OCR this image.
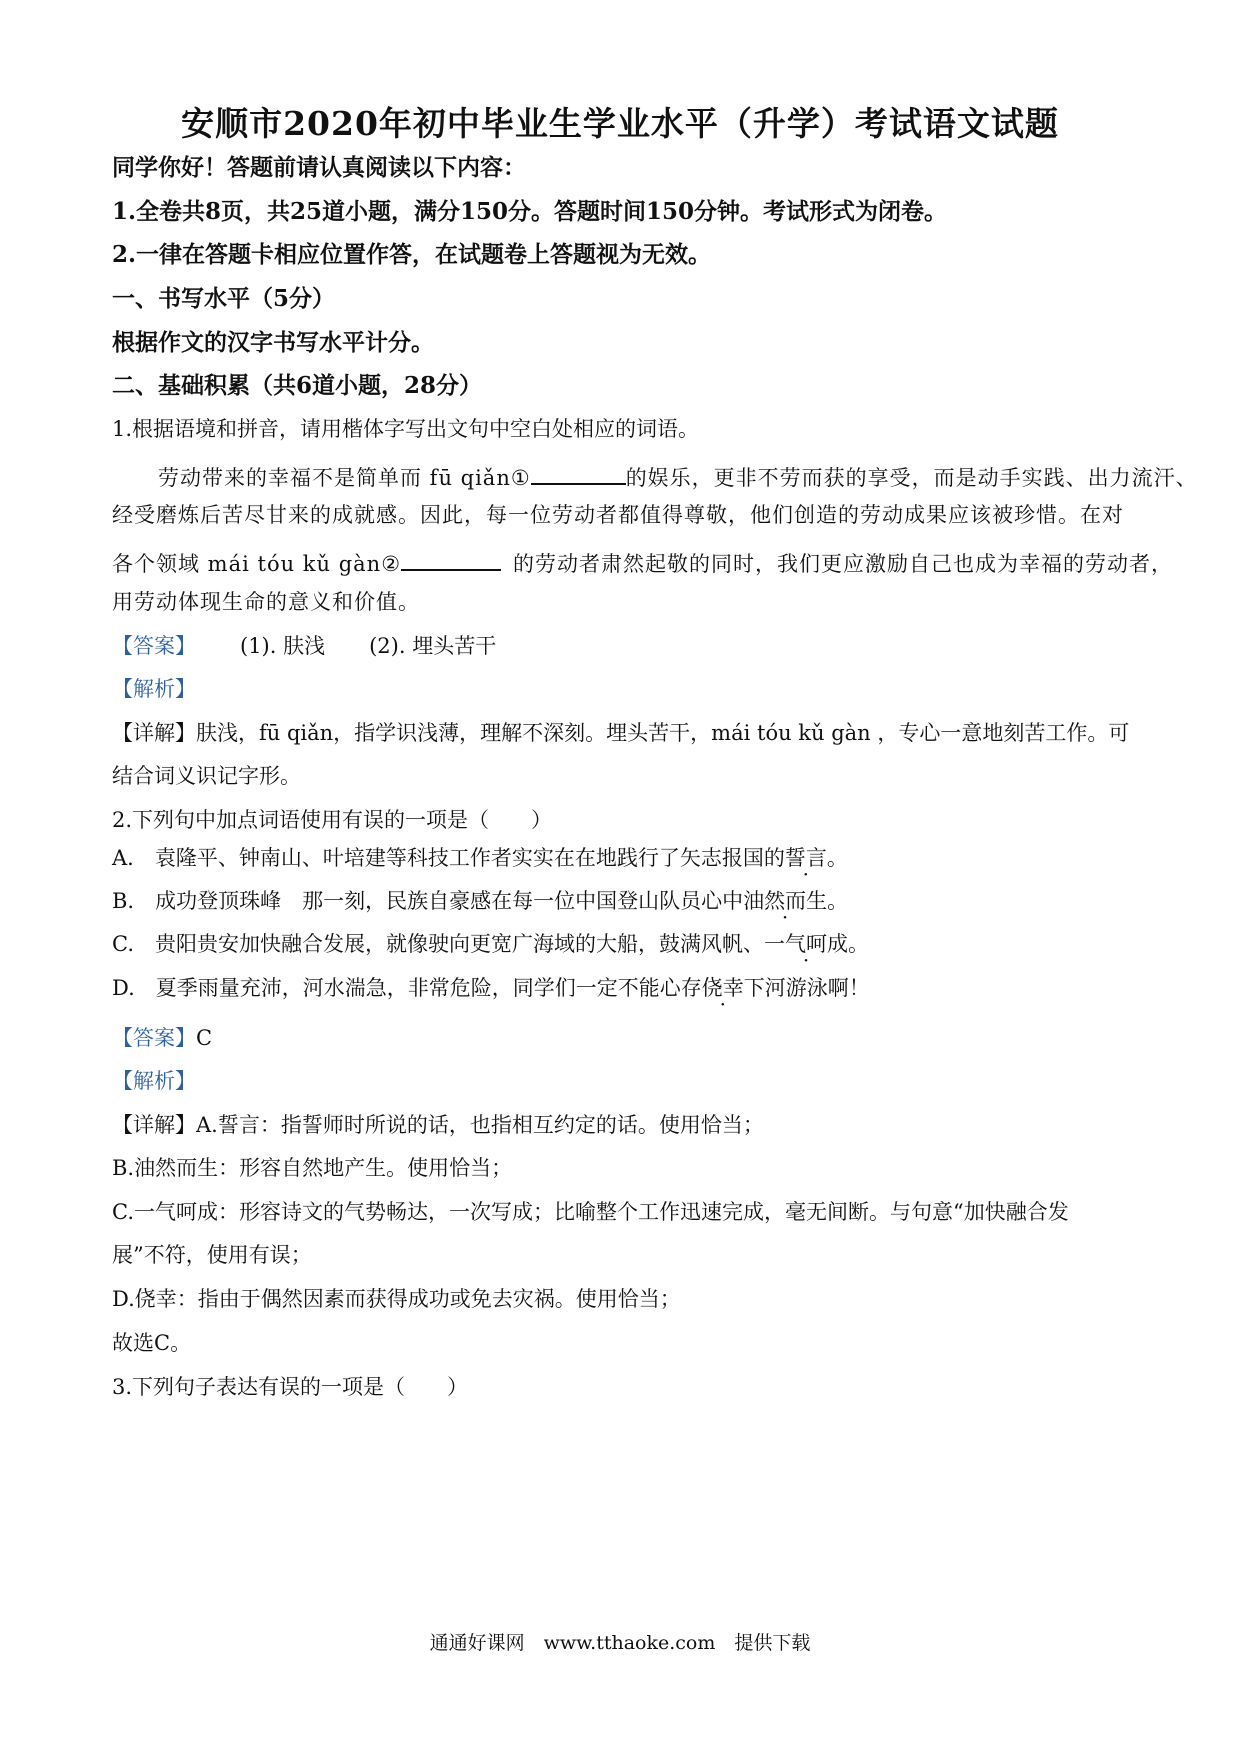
安顺市2020年初中毕业生学业水平（升学）考试语文试题
同学你好！答题前请认真阅读以下内容：
1.全卷共8页，共25道小题，满分150分。答题时间150分钟。考试形式为闭卷。
2.一律在答题卡相应位置作答，在试题卷上答题视为无效。
一、书写水平（5分）
根据作文的汉字书写水平计分。
二、基础积累（共6道小题，28分）
1.根据语境和拼音，请用楷体字写出文句中空白处相应的词语。
劳动带来的幸福不是简单而 fū qiǎn①	的娱乐，更非不劳而获的享受，而是动手实践、出力流汗、
经受磨炼后苦尽甘来的成就感。因此，每一位劳动者都值得尊敬，他们创造的劳动成果应该被珍惜。在对
各个领域 mái tóu kǔ gàn②	的劳动者肃然起敬的同时，我们更应激励自己也成为幸福的劳动者，
用劳动体现生命的意义和价值。
【答案】 (1). 肤浅 (2). 埋头苦干
【解析】
【详解】肤浅，fū qiǎn，指学识浅薄，理解不深刻。埋头苦干，mái tóu kǔ gàn ，专心一意地刻苦工作。可
结合词义识记字形。
2.下列句中加点词语使用有误的一项是（　　）
A.　袁隆平、钟南山、叶培建等科技工作者实实在在地践行了矢志报国的誓言。
B.　成功登顶珠峰　那一刻，民族自豪感在每一位中国登山队员心中油然而生。
C.　贵阳贵安加快融合发展，就像驶向更宽广海域的大船，鼓满风帆、一气呵成。
D.　夏季雨量充沛，河水湍急，非常危险，同学们一定不能心存侥幸下河游泳啊！
【答案】C
【解析】
【详解】A.誓言：指誓师时所说的话，也指相互约定的话。使用恰当；
B.油然而生：形容自然地产生。使用恰当；
C.一气呵成：形容诗文的气势畅达，一次写成；比喻整个工作迅速完成，毫无间断。与句意“加快融合发
展”不符，使用有误；
D.侥幸：指由于偶然因素而获得成功或免去灾祸。使用恰当；
故选C。
3.下列句子表达有误的一项是（　　）
通通好课网　www.tthaoke.com　提供下载
